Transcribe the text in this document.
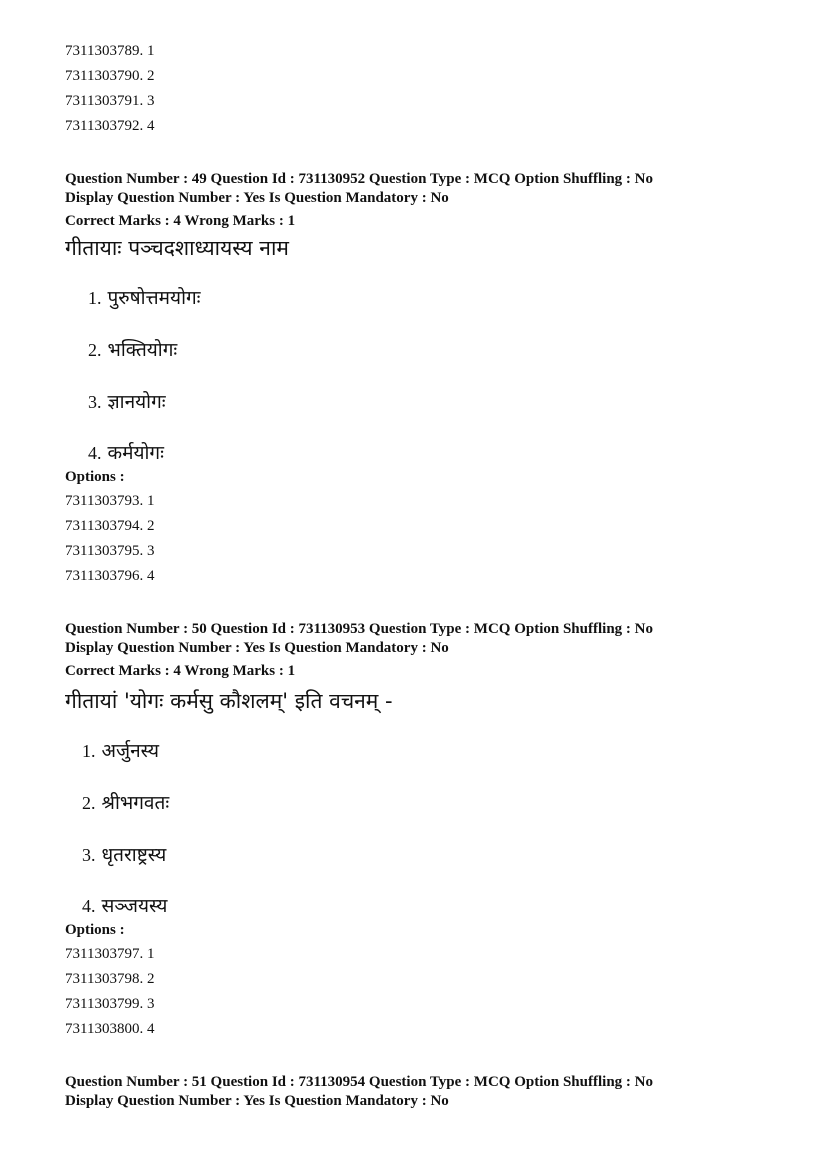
7311303789. 1
7311303790. 2
7311303791. 3
7311303792. 4
Question Number : 49 Question Id : 731130952 Question Type : MCQ Option Shuffling : No
Display Question Number : Yes Is Question Mandatory : No
Correct Marks : 4 Wrong Marks : 1
गीतायाः पञ्चदशाध्यायस्य नाम
1. पुरुषोत्तमयोगः
2. भक्तियोगः
3. ज्ञानयोगः
4. कर्मयोगः
Options :
7311303793. 1
7311303794. 2
7311303795. 3
7311303796. 4
Question Number : 50 Question Id : 731130953 Question Type : MCQ Option Shuffling : No
Display Question Number : Yes Is Question Mandatory : No
Correct Marks : 4 Wrong Marks : 1
गीतायां 'योगः कर्मसु कौशलम्' इति वचनम् -
1. अर्जुनस्य
2. श्रीभगवतः
3. धृतराष्ट्रस्य
4. सञ्जयस्य
Options :
7311303797. 1
7311303798. 2
7311303799. 3
7311303800. 4
Question Number : 51 Question Id : 731130954 Question Type : MCQ Option Shuffling : No
Display Question Number : Yes Is Question Mandatory : No
